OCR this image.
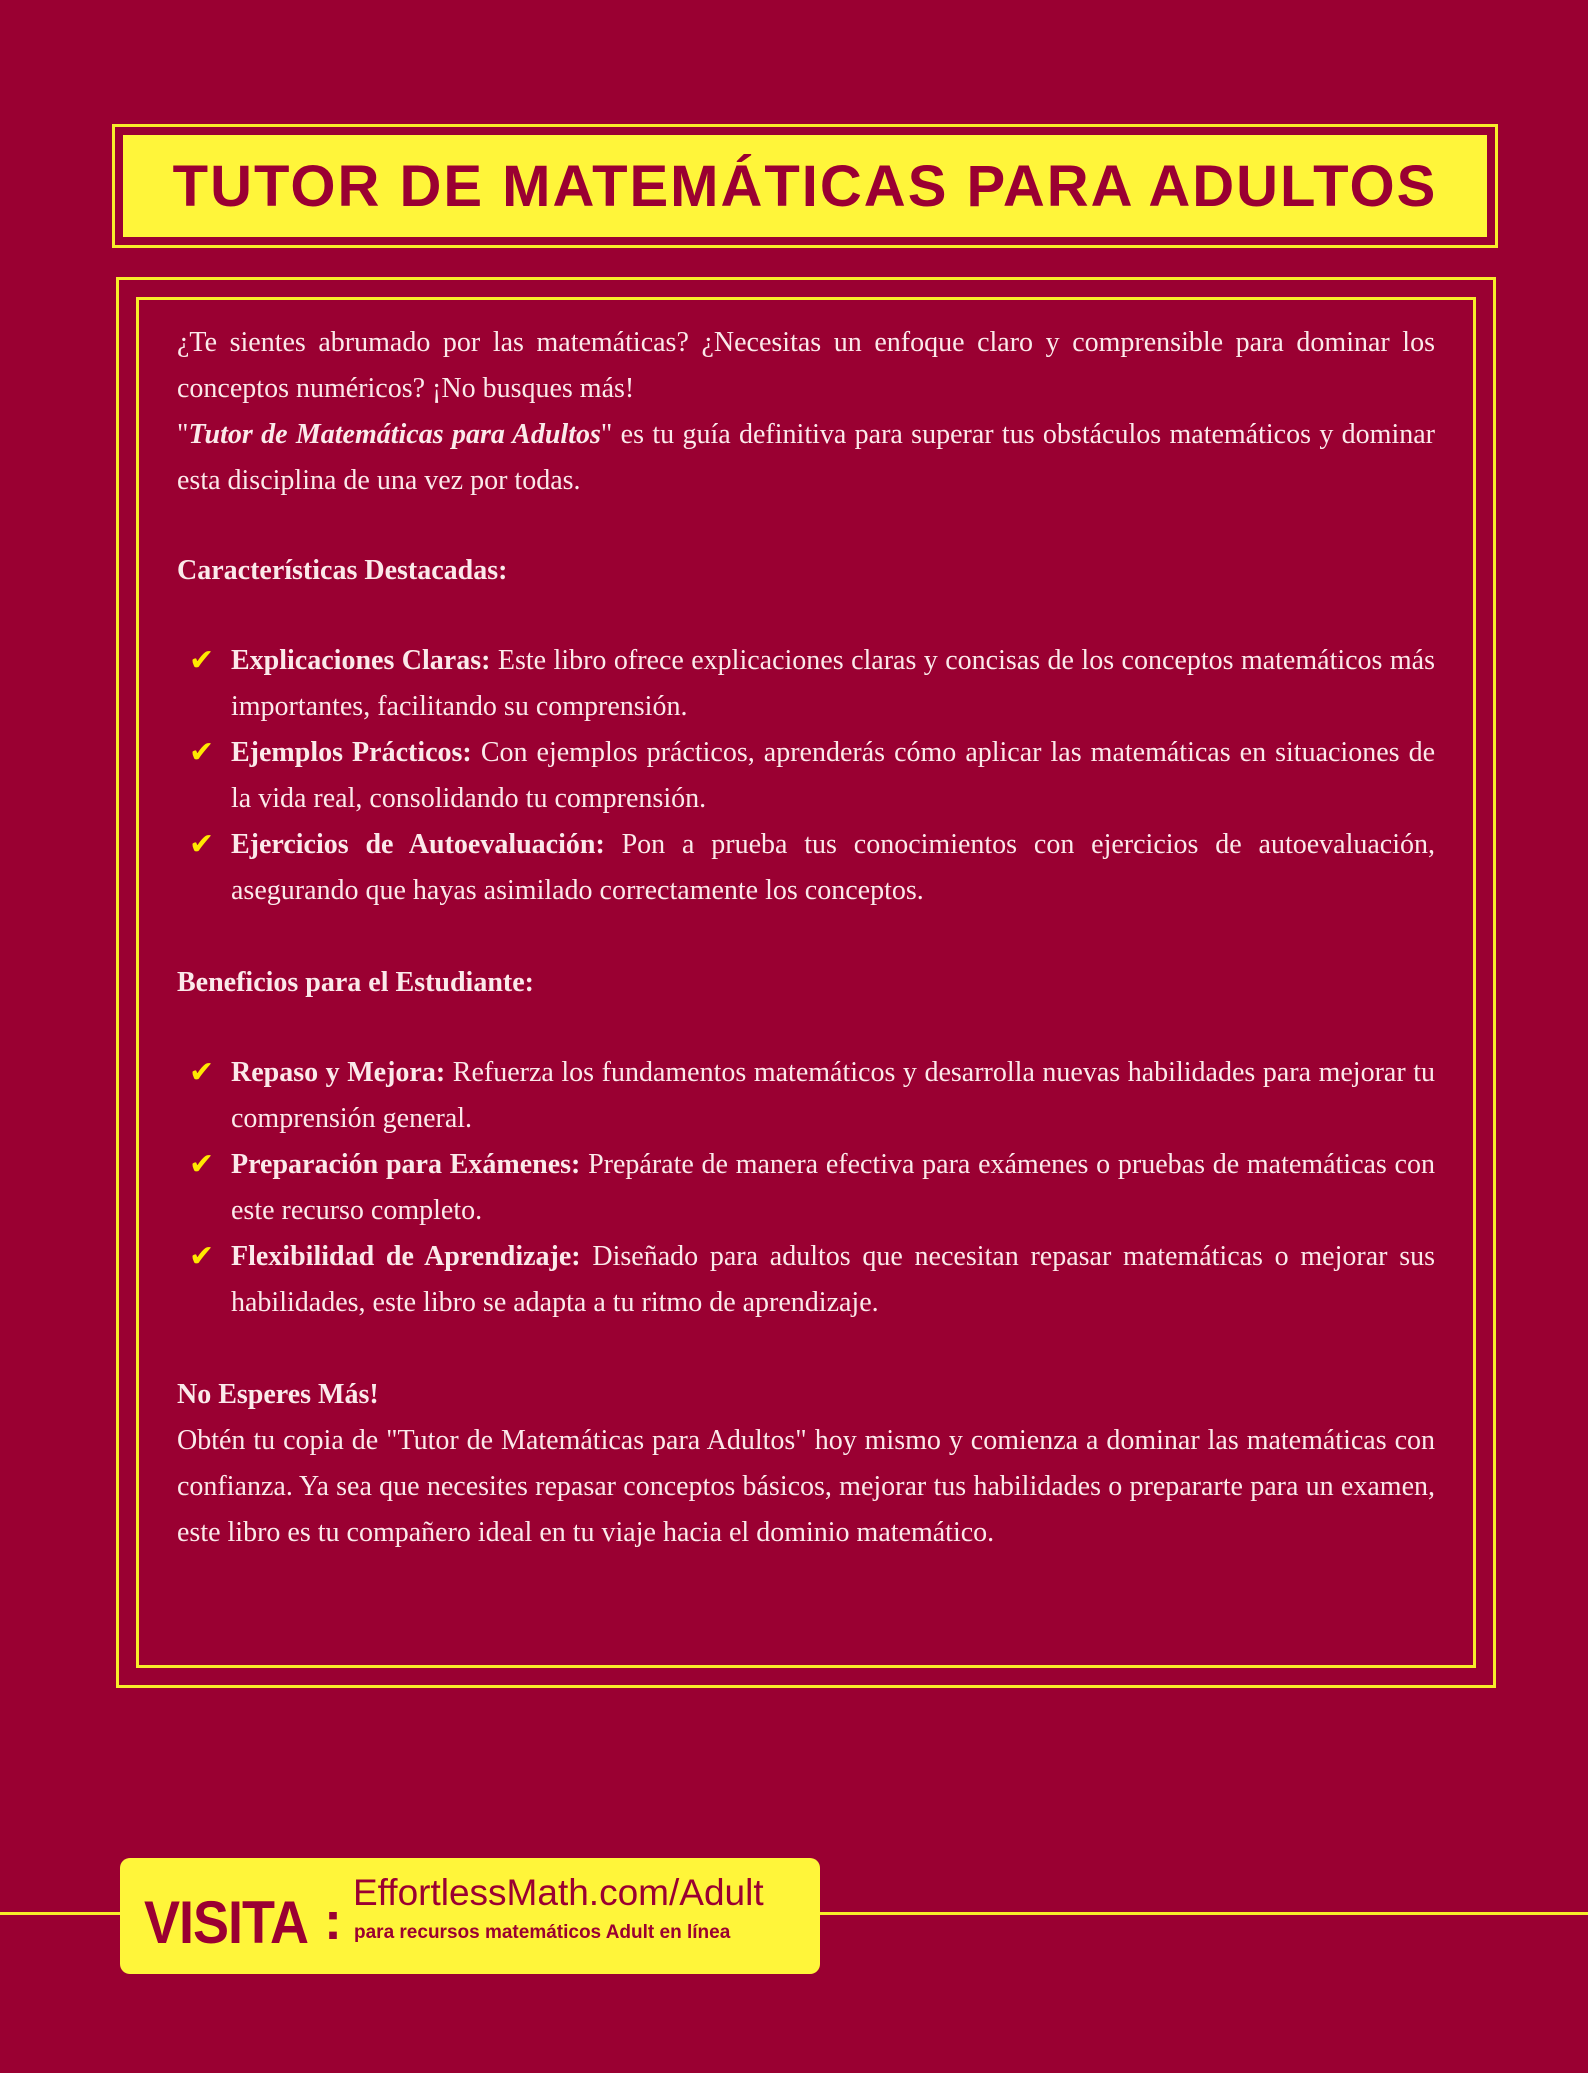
TUTOR DE MATEMÁTICAS PARA ADULTOS

¿Te sientes abrumado por las matemáticas? ¿Necesitas un enfoque claro y comprensible para dominar los conceptos numéricos? ¡No busques más!
"Tutor de Matemáticas para Adultos" es tu guía definitiva para superar tus obstáculos matemáticos y dominar esta disciplina de una vez por todas.

Características Destacadas:

✔ Explicaciones Claras: Este libro ofrece explicaciones claras y concisas de los conceptos matemáticos más importantes, facilitando su comprensión.
✔ Ejemplos Prácticos: Con ejemplos prácticos, aprenderás cómo aplicar las matemáticas en situaciones de la vida real, consolidando tu comprensión.
✔ Ejercicios de Autoevaluación: Pon a prueba tus conocimientos con ejercicios de autoevaluación, asegurando que hayas asimilado correctamente los conceptos.

Beneficios para el Estudiante:

✔ Repaso y Mejora: Refuerza los fundamentos matemáticos y desarrolla nuevas habilidades para mejorar tu comprensión general.
✔ Preparación para Exámenes: Prepárate de manera efectiva para exámenes o pruebas de matemáticas con este recurso completo.
✔ Flexibilidad de Aprendizaje: Diseñado para adultos que necesitan repasar matemáticas o mejorar sus habilidades, este libro se adapta a tu ritmo de aprendizaje.

No Esperes Más!

Obtén tu copia de "Tutor de Matemáticas para Adultos" hoy mismo y comienza a dominar las matemáticas con confianza. Ya sea que necesites repasar conceptos básicos, mejorar tus habilidades o prepararte para un examen, este libro es tu compañero ideal en tu viaje hacia el dominio matemático.

VISITA : EffortlessMath.com/Adult
para recursos matemáticos Adult en línea
